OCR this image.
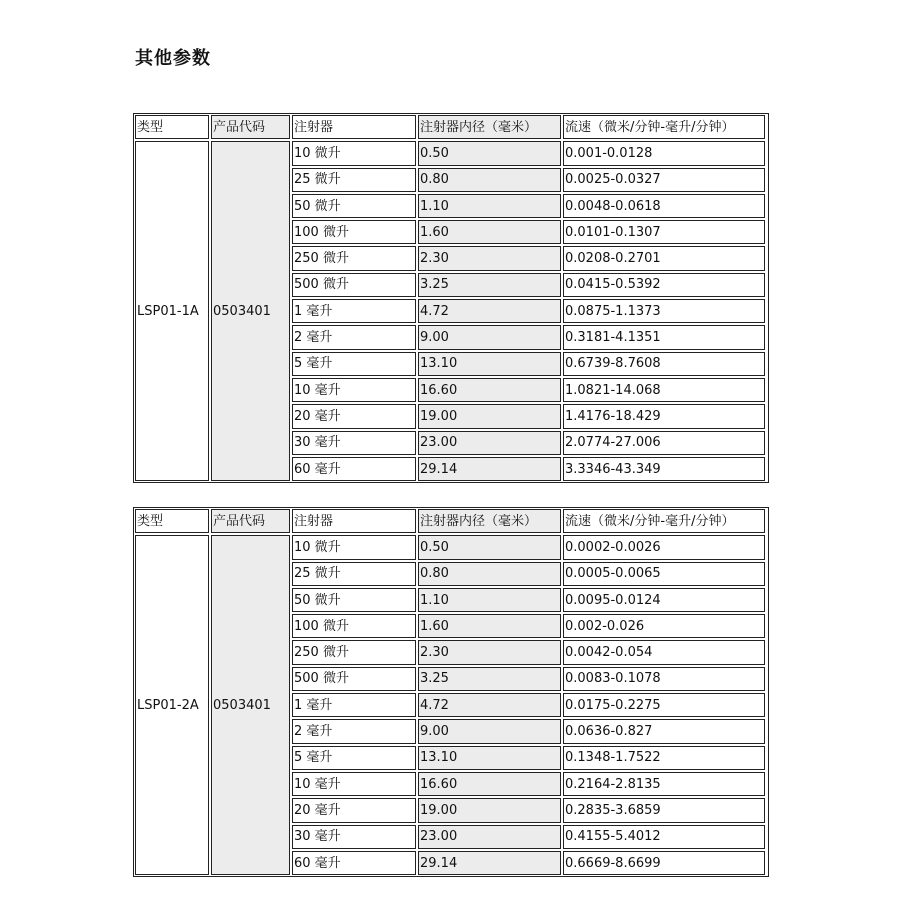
其他参数
类型	产品代码	注射器	注射器内径（毫米）	流速（微米/分钟-毫升/分钟）
LSP01-1A	0503401
10 微升	0.50	0.001-0.0128
25 微升	0.80	0.0025-0.0327
50 微升	1.10	0.0048-0.0618
100 微升	1.60	0.0101-0.1307
250 微升	2.30	0.0208-0.2701
500 微升	3.25	0.0415-0.5392
1 毫升	4.72	0.0875-1.1373
2 毫升	9.00	0.3181-4.1351
5 毫升	13.10	0.6739-8.7608
10 毫升	16.60	1.0821-14.068
20 毫升	19.00	1.4176-18.429
30 毫升	23.00	2.0774-27.006
60 毫升	29.14	3.3346-43.349
类型	产品代码	注射器	注射器内径（毫米）	流速（微米/分钟-毫升/分钟）
LSP01-2A	0503401
10 微升	0.50	0.0002-0.0026
25 微升	0.80	0.0005-0.0065
50 微升	1.10	0.0095-0.0124
100 微升	1.60	0.002-0.026
250 微升	2.30	0.0042-0.054
500 微升	3.25	0.0083-0.1078
1 毫升	4.72	0.0175-0.2275
2 毫升	9.00	0.0636-0.827
5 毫升	13.10	0.1348-1.7522
10 毫升	16.60	0.2164-2.8135
20 毫升	19.00	0.2835-3.6859
30 毫升	23.00	0.4155-5.4012
60 毫升	29.14	0.6669-8.6699
